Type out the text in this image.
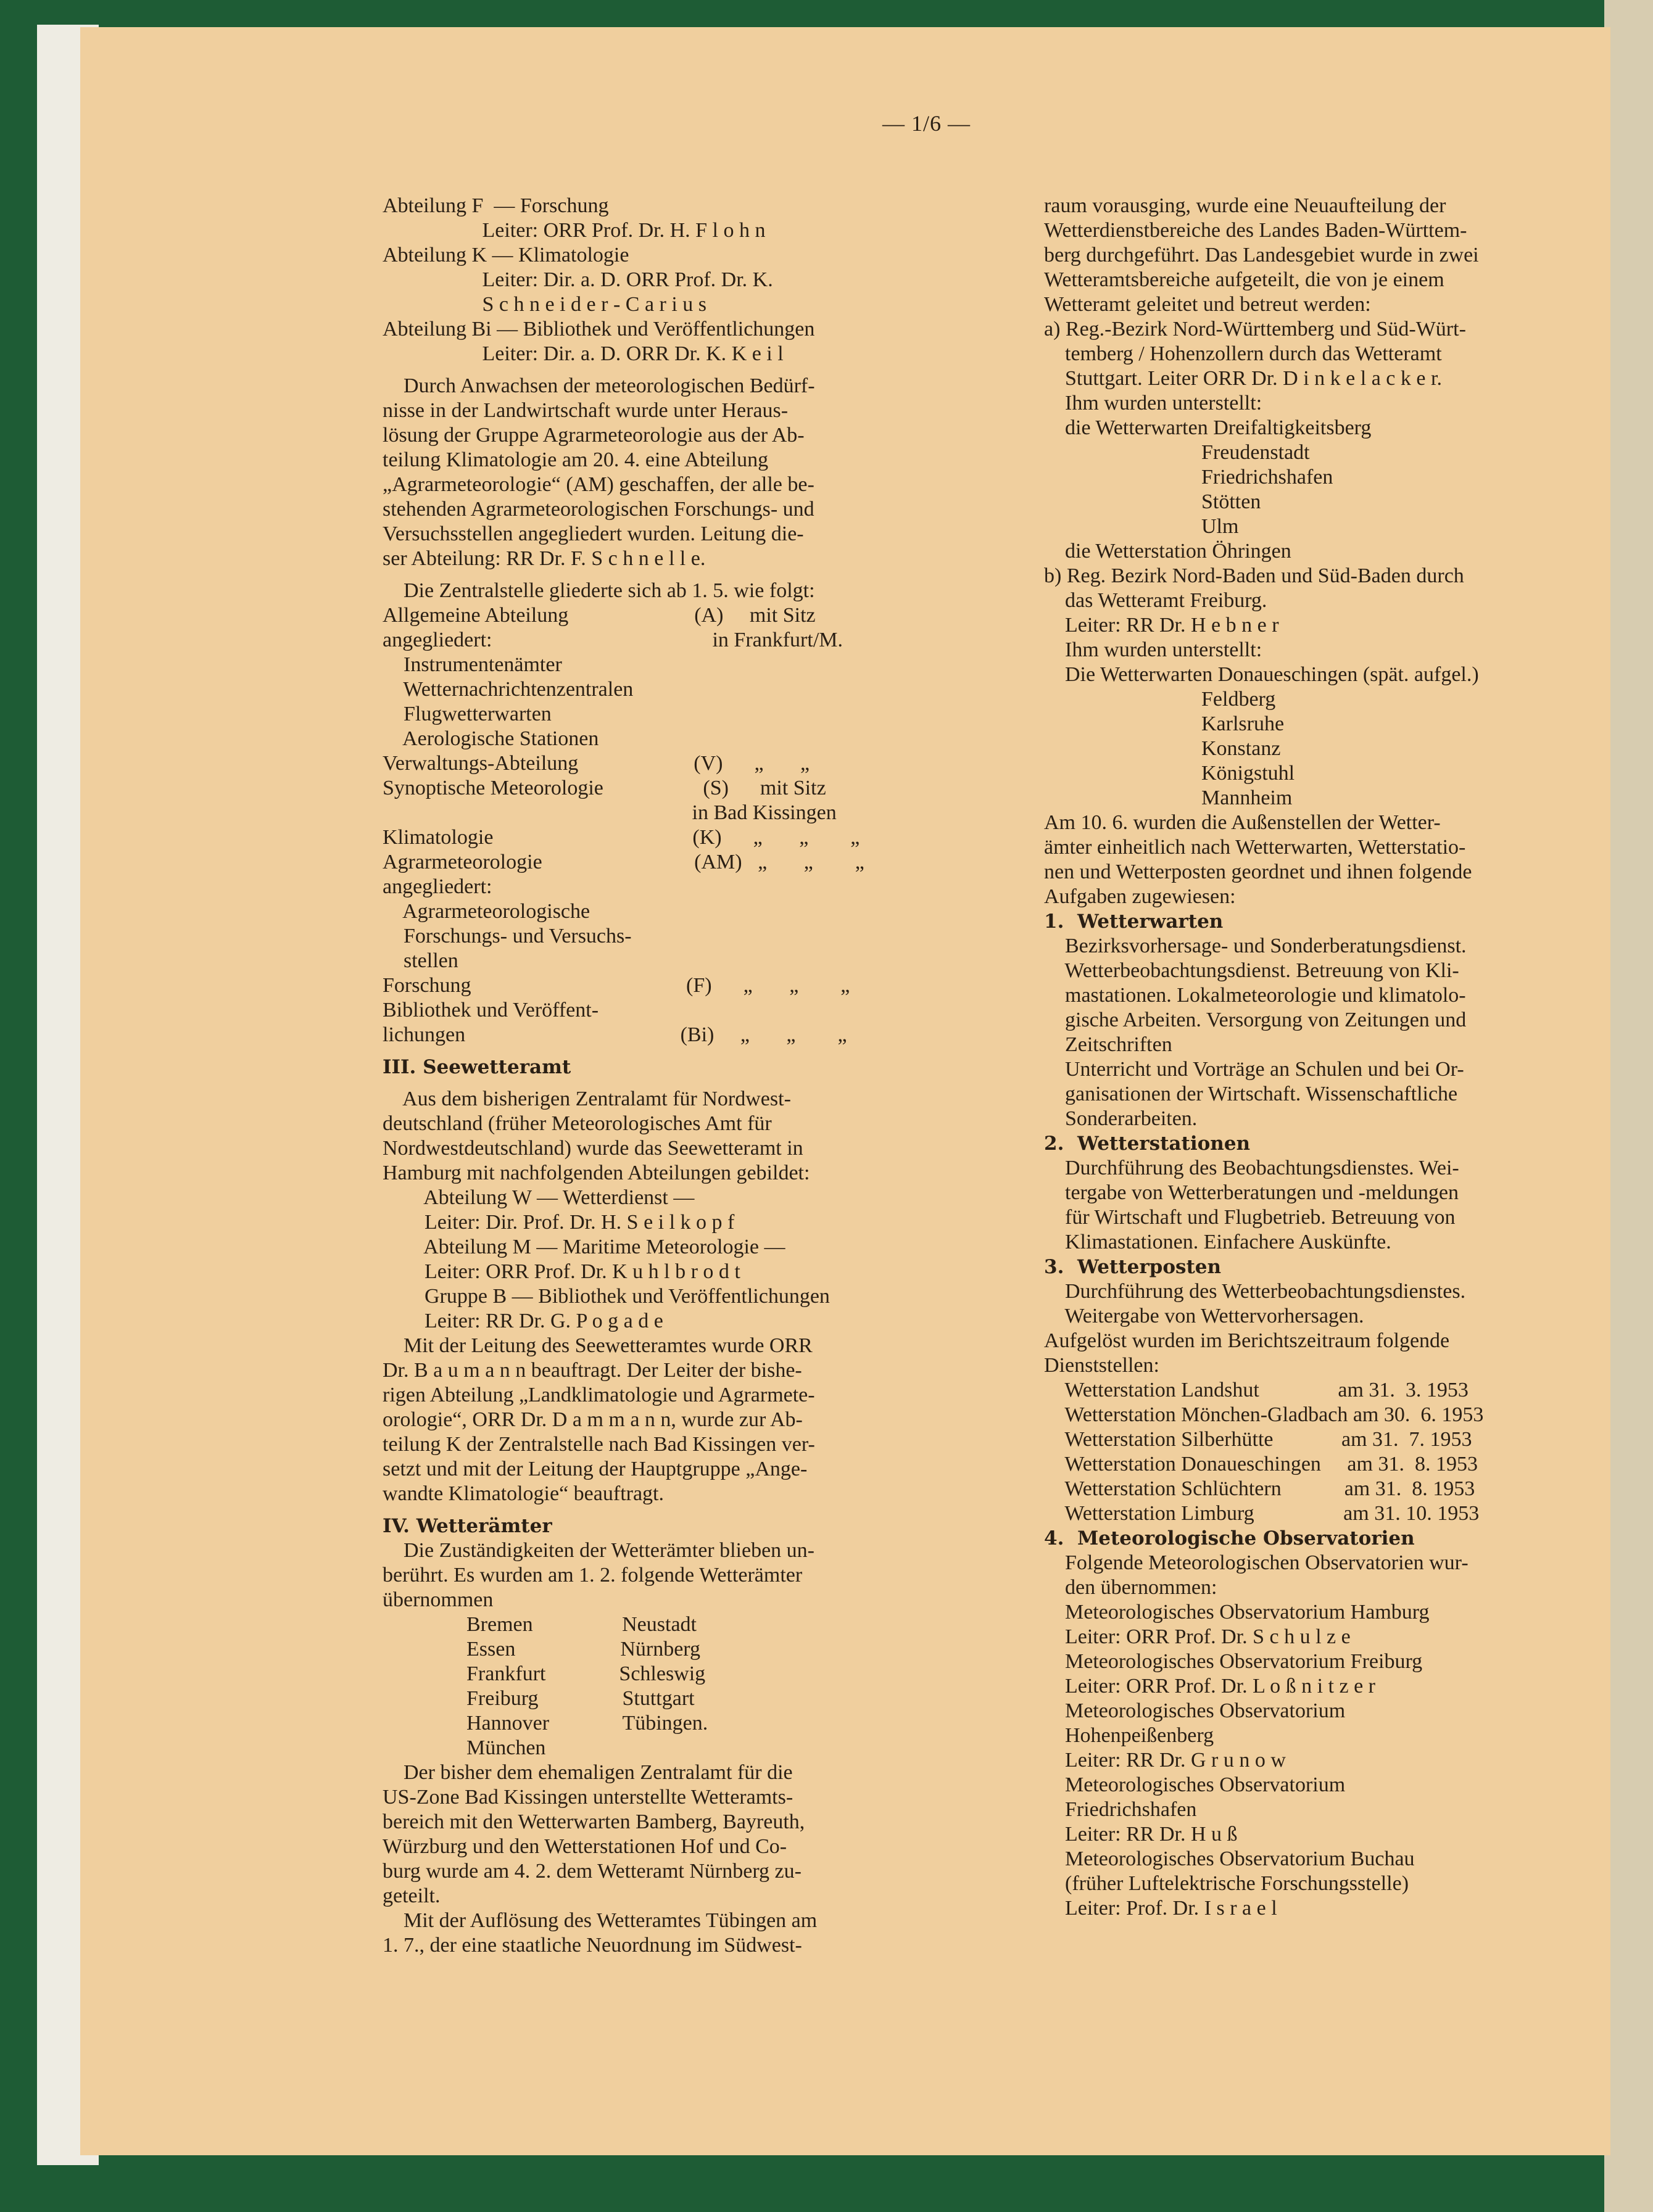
— 1/6 —
Abteilung F  — Forschung
Leiter: ORR Prof. Dr. H. F l o h n
Abteilung K — Klimatologie
Leiter: Dir. a. D. ORR Prof. Dr. K.
S c h n e i d e r - C a r i u s
Abteilung Bi — Bibliothek und Veröffentlichungen
Leiter: Dir. a. D. ORR Dr. K. K e i l
Durch Anwachsen der meteorologischen Bedürf-
nisse in der Landwirtschaft wurde unter Heraus-
lösung der Gruppe Agrarmeteorologie aus der Ab-
teilung Klimatologie am 20. 4. eine Abteilung
„Agrarmeteorologie“ (AM) geschaffen, der alle be-
stehenden Agrarmeteorologischen Forschungs- und
Versuchsstellen angegliedert wurden. Leitung die-
ser Abteilung: RR Dr. F. S c h n e l l e.
Die Zentralstelle gliederte sich ab 1. 5. wie folgt:
Allgemeine Abteilung                        (A)     mit Sitz
angegliedert:                                          in Frankfurt/M.
Instrumentenämter
Wetternachrichtenzentralen
Flugwetterwarten
Aerologische Stationen
Verwaltungs-Abteilung                      (V)      „       „
Synoptische Meteorologie                   (S)      mit Sitz
in Bad Kissingen
Klimatologie                                      (K)      „       „        „
Agrarmeteorologie                             (AM)   „       „        „
angegliedert:
Agrarmeteorologische
Forschungs- und Versuchs-
stellen
Forschung                                         (F)      „       „        „
Bibliothek und Veröffent-
lichungen                                         (Bi)     „       „        „
III. Seewetteramt
Aus dem bisherigen Zentralamt für Nordwest-
deutschland (früher Meteorologisches Amt für
Nordwestdeutschland) wurde das Seewetteramt in
Hamburg mit nachfolgenden Abteilungen gebildet:
Abteilung W — Wetterdienst —
Leiter: Dir. Prof. Dr. H. S e i l k o p f
Abteilung M — Maritime Meteorologie —
Leiter: ORR Prof. Dr. K u h l b r o d t
Gruppe B — Bibliothek und Veröffentlichungen
Leiter: RR Dr. G. P o g a d e
Mit der Leitung des Seewetteramtes wurde ORR
Dr. B a u m a n n beauftragt. Der Leiter der bishe-
rigen Abteilung „Landklimatologie und Agrarmete-
orologie“, ORR Dr. D a m m a n n, wurde zur Ab-
teilung K der Zentralstelle nach Bad Kissingen ver-
setzt und mit der Leitung der Hauptgruppe „Ange-
wandte Klimatologie“ beauftragt.
IV. Wetterämter
Die Zuständigkeiten der Wetterämter blieben un-
berührt. Es wurden am 1. 2. folgende Wetterämter
übernommen
Bremen                 Neustadt
Essen                    Nürnberg
Frankfurt              Schleswig
Freiburg                Stuttgart
Hannover              Tübingen.
München
Der bisher dem ehemaligen Zentralamt für die
US-Zone Bad Kissingen unterstellte Wetteramts-
bereich mit den Wetterwarten Bamberg, Bayreuth,
Würzburg und den Wetterstationen Hof und Co-
burg wurde am 4. 2. dem Wetteramt Nürnberg zu-
geteilt.
Mit der Auflösung des Wetteramtes Tübingen am
1. 7., der eine staatliche Neuordnung im Südwest-
raum vorausging, wurde eine Neuaufteilung der
Wetterdienstbereiche des Landes Baden-Württem-
berg durchgeführt. Das Landesgebiet wurde in zwei
Wetteramtsbereiche aufgeteilt, die von je einem
Wetteramt geleitet und betreut werden:
a) Reg.-Bezirk Nord-Württemberg und Süd-Würt-
temberg / Hohenzollern durch das Wetteramt
Stuttgart. Leiter ORR Dr. D i n k e l a c k e r.
Ihm wurden unterstellt:
die Wetterwarten Dreifaltigkeitsberg
Freudenstadt
Friedrichshafen
Stötten
Ulm
die Wetterstation Öhringen
b) Reg. Bezirk Nord-Baden und Süd-Baden durch
das Wetteramt Freiburg.
Leiter: RR Dr. H e b n e r
Ihm wurden unterstellt:
Die Wetterwarten Donaueschingen (spät. aufgel.)
Feldberg
Karlsruhe
Konstanz
Königstuhl
Mannheim
Am 10. 6. wurden die Außenstellen der Wetter-
ämter einheitlich nach Wetterwarten, Wetterstatio-
nen und Wetterposten geordnet und ihnen folgende
Aufgaben zugewiesen:
1.  Wetterwarten
Bezirksvorhersage- und Sonderberatungsdienst.
Wetterbeobachtungsdienst. Betreuung von Kli-
mastationen. Lokalmeteorologie und klimatolo-
gische Arbeiten. Versorgung von Zeitungen und
Zeitschriften
Unterricht und Vorträge an Schulen und bei Or-
ganisationen der Wirtschaft. Wissenschaftliche
Sonderarbeiten.
2.  Wetterstationen
Durchführung des Beobachtungsdienstes. Wei-
tergabe von Wetterberatungen und -meldungen
für Wirtschaft und Flugbetrieb. Betreuung von
Klimastationen. Einfachere Auskünfte.
3.  Wetterposten
Durchführung des Wetterbeobachtungsdienstes.
Weitergabe von Wettervorhersagen.
Aufgelöst wurden im Berichtszeitraum folgende
Dienststellen:
Wetterstation Landshut               am 31.  3. 1953
Wetterstation Mönchen-Gladbach am 30.  6. 1953
Wetterstation Silberhütte             am 31.  7. 1953
Wetterstation Donaueschingen     am 31.  8. 1953
Wetterstation Schlüchtern            am 31.  8. 1953
Wetterstation Limburg                 am 31. 10. 1953
4.  Meteorologische Observatorien
Folgende Meteorologischen Observatorien wur-
den übernommen:
Meteorologisches Observatorium Hamburg
Leiter: ORR Prof. Dr. S c h u l z e
Meteorologisches Observatorium Freiburg
Leiter: ORR Prof. Dr. L o ß n i t z e r
Meteorologisches Observatorium
Hohenpeißenberg
Leiter: RR Dr. G r u n o w
Meteorologisches Observatorium
Friedrichshafen
Leiter: RR Dr. H u ß
Meteorologisches Observatorium Buchau
(früher Luftelektrische Forschungsstelle)
Leiter: Prof. Dr. I s r a e l
